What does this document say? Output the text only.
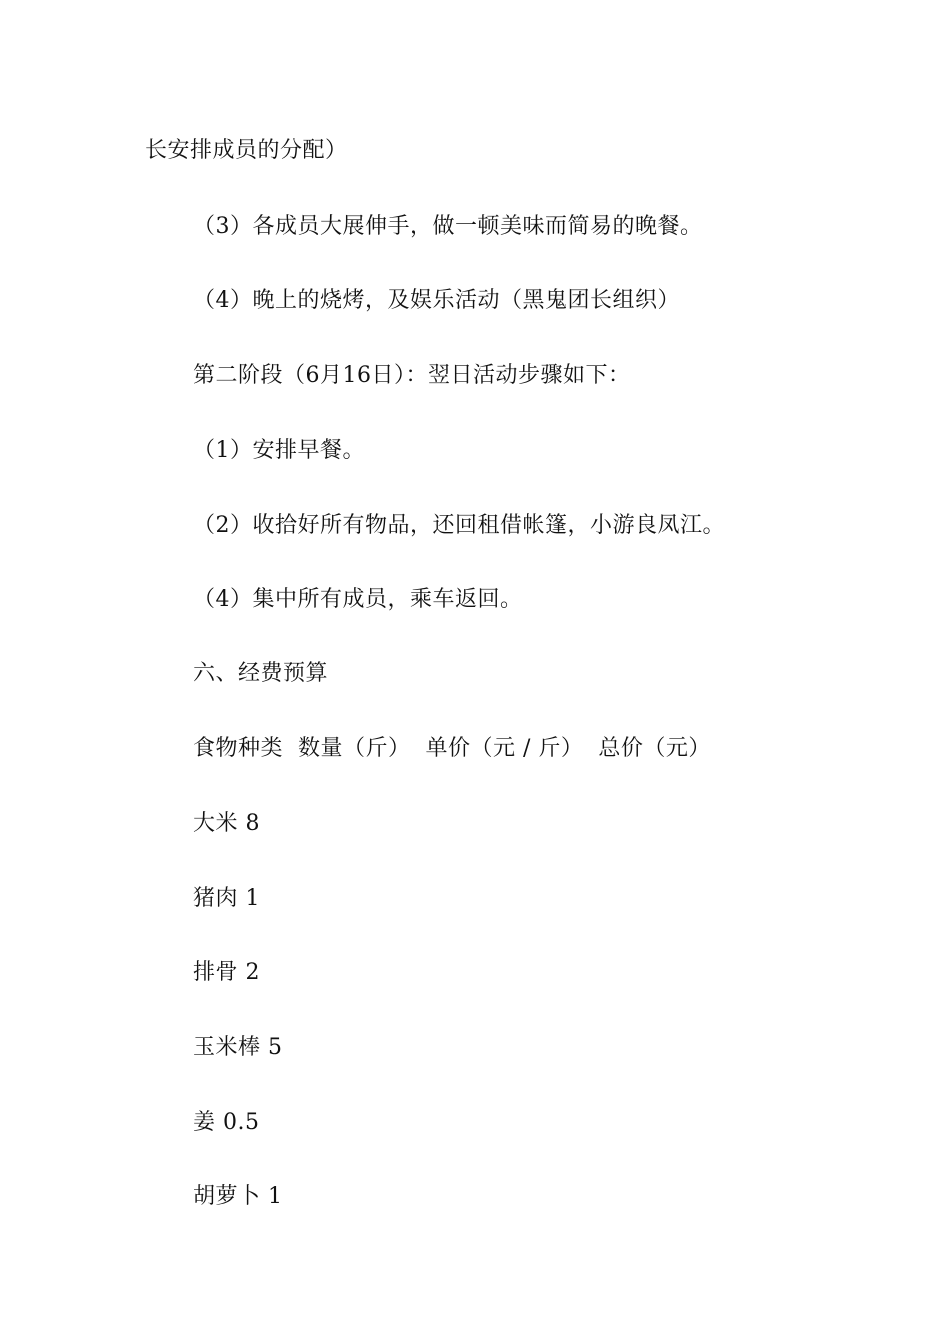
长安排成员的分配）
（3）各成员大展伸手，做一顿美味而简易的晚餐。
（4）晚上的烧烤，及娱乐活动（黑鬼团长组织）
第二阶段（6月16日）：翌日活动步骤如下：
（1）安排早餐。
（2）收拾好所有物品，还回租借帐篷，小游良凤江。
（4）集中所有成员，乘车返回。
六、经费预算
食物种类  数量（斤）  单价（元 / 斤）  总价（元）
大米 8
猪肉 1
排骨 2
玉米棒 5
姜 0.5
胡萝卜 1
